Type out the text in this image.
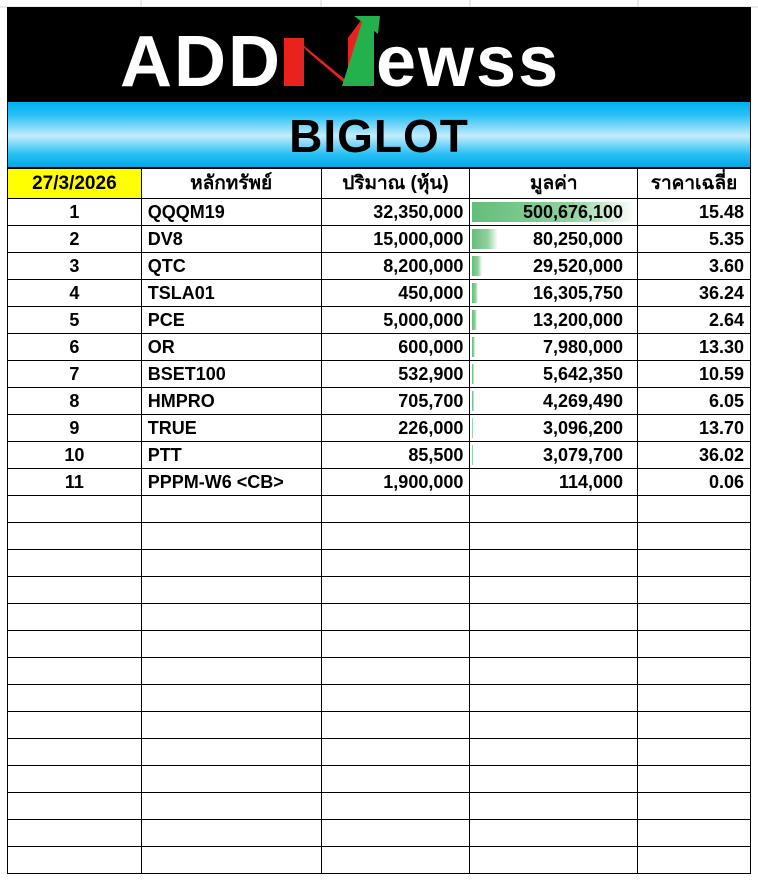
ADD ewss
BIGLOT
27/3/2026	หลักทรัพย์	ปริมาณ (หุ้น)	มูลค่า	ราคาเฉลี่ย
1	QQQM19	32,350,000	500,676,100	15.48
2	DV8	15,000,000	80,250,000	5.35
3	QTC	8,200,000	29,520,000	3.60
4	TSLA01	450,000	16,305,750	36.24
5	PCE	5,000,000	13,200,000	2.64
6	OR	600,000	7,980,000	13.30
7	BSET100	532,900	5,642,350	10.59
8	HMPRO	705,700	4,269,490	6.05
9	TRUE	226,000	3,096,200	13.70
10	PTT	85,500	3,079,700	36.02
11	PPPM-W6 <CB>	1,900,000	114,000	0.06
